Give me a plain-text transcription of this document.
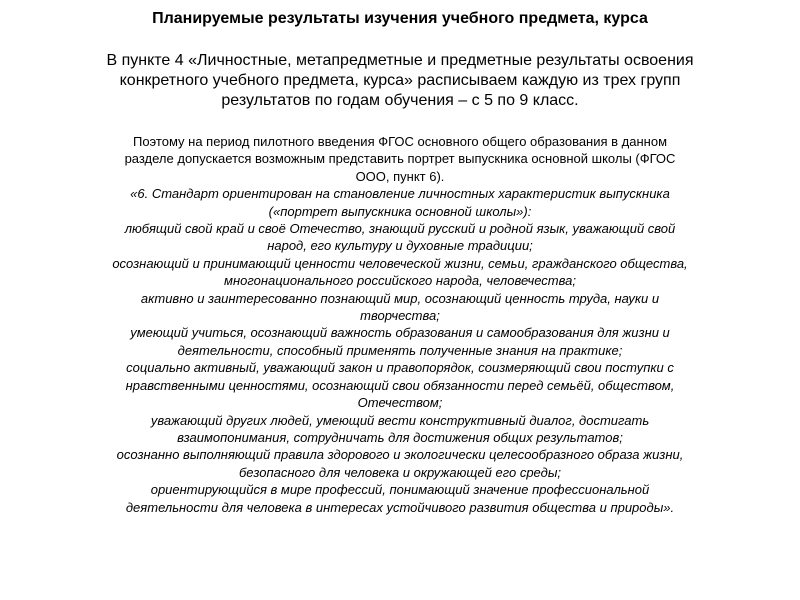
Планируемые результаты изучения учебного предмета, курса
В пункте 4 «Личностные, метапредметные и предметные результаты освоения
конкретного учебного предмета, курса» расписываем каждую из трех групп
результатов по годам обучения – с 5 по 9 класс.
Поэтому на период пилотного введения ФГОС основного общего образования в данном
разделе допускается возможным представить портрет выпускника основной школы (ФГОС
ООО, пункт 6).
«6. Стандарт ориентирован на становление личностных характеристик выпускника
(«портрет выпускника основной школы»):
любящий свой край и своё Отечество, знающий русский и родной язык, уважающий свой
народ, его культуру и духовные традиции;
осознающий и принимающий ценности человеческой жизни, семьи, гражданского общества,
многонационального российского народа, человечества;
активно и заинтересованно познающий мир, осознающий ценность труда, науки и
творчества;
умеющий учиться, осознающий важность образования и самообразования для жизни и
деятельности, способный применять полученные знания на практике;
социально активный, уважающий закон и правопорядок, соизмеряющий свои поступки с
нравственными ценностями, осознающий свои обязанности перед семьёй, обществом,
Отечеством;
уважающий других людей, умеющий вести конструктивный диалог, достигать
взаимопонимания, сотрудничать для достижения общих результатов;
осознанно выполняющий правила здорового и экологически целесообразного образа жизни,
безопасного для человека и окружающей его среды;
ориентирующийся в мире профессий, понимающий значение профессиональной
деятельности для человека в интересах устойчивого развития общества и природы».
